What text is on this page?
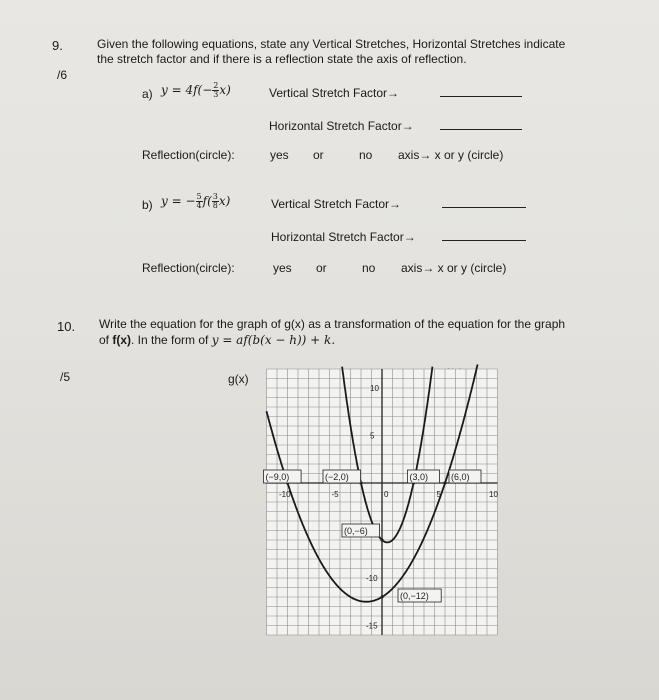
9.
/6
Given the following equations, state any Vertical Stretches, Horizontal Stretches indicate
the stretch factor and if there is a reflection state the axis of reflection.
a) $y = 4f(- \frac{2}{3} x)$	Vertical Stretch Factor→
Horizontal Stretch Factor→
Reflection(circle):	yes or	no axis→ x or y (circle)
b) y = − $\frac{5}{4} f( \frac{3}{8} x)$	Vertical Stretch Factor→
Horizontal Stretch Factor→
Reflection(circle):	yes or	no axis→ x or y (circle)
10.
/5
Write the equation for the graph of g(x) as a transformation of the equation for the graph
of f(x). In the form of y = af(b(x − h)) + k.
g(x)
-10	-5	0	5	10
10
5
-10
-15
(−9,0)	(−2,0)	(3,0)	(6,0)
(0,−6)
(0,−12)
